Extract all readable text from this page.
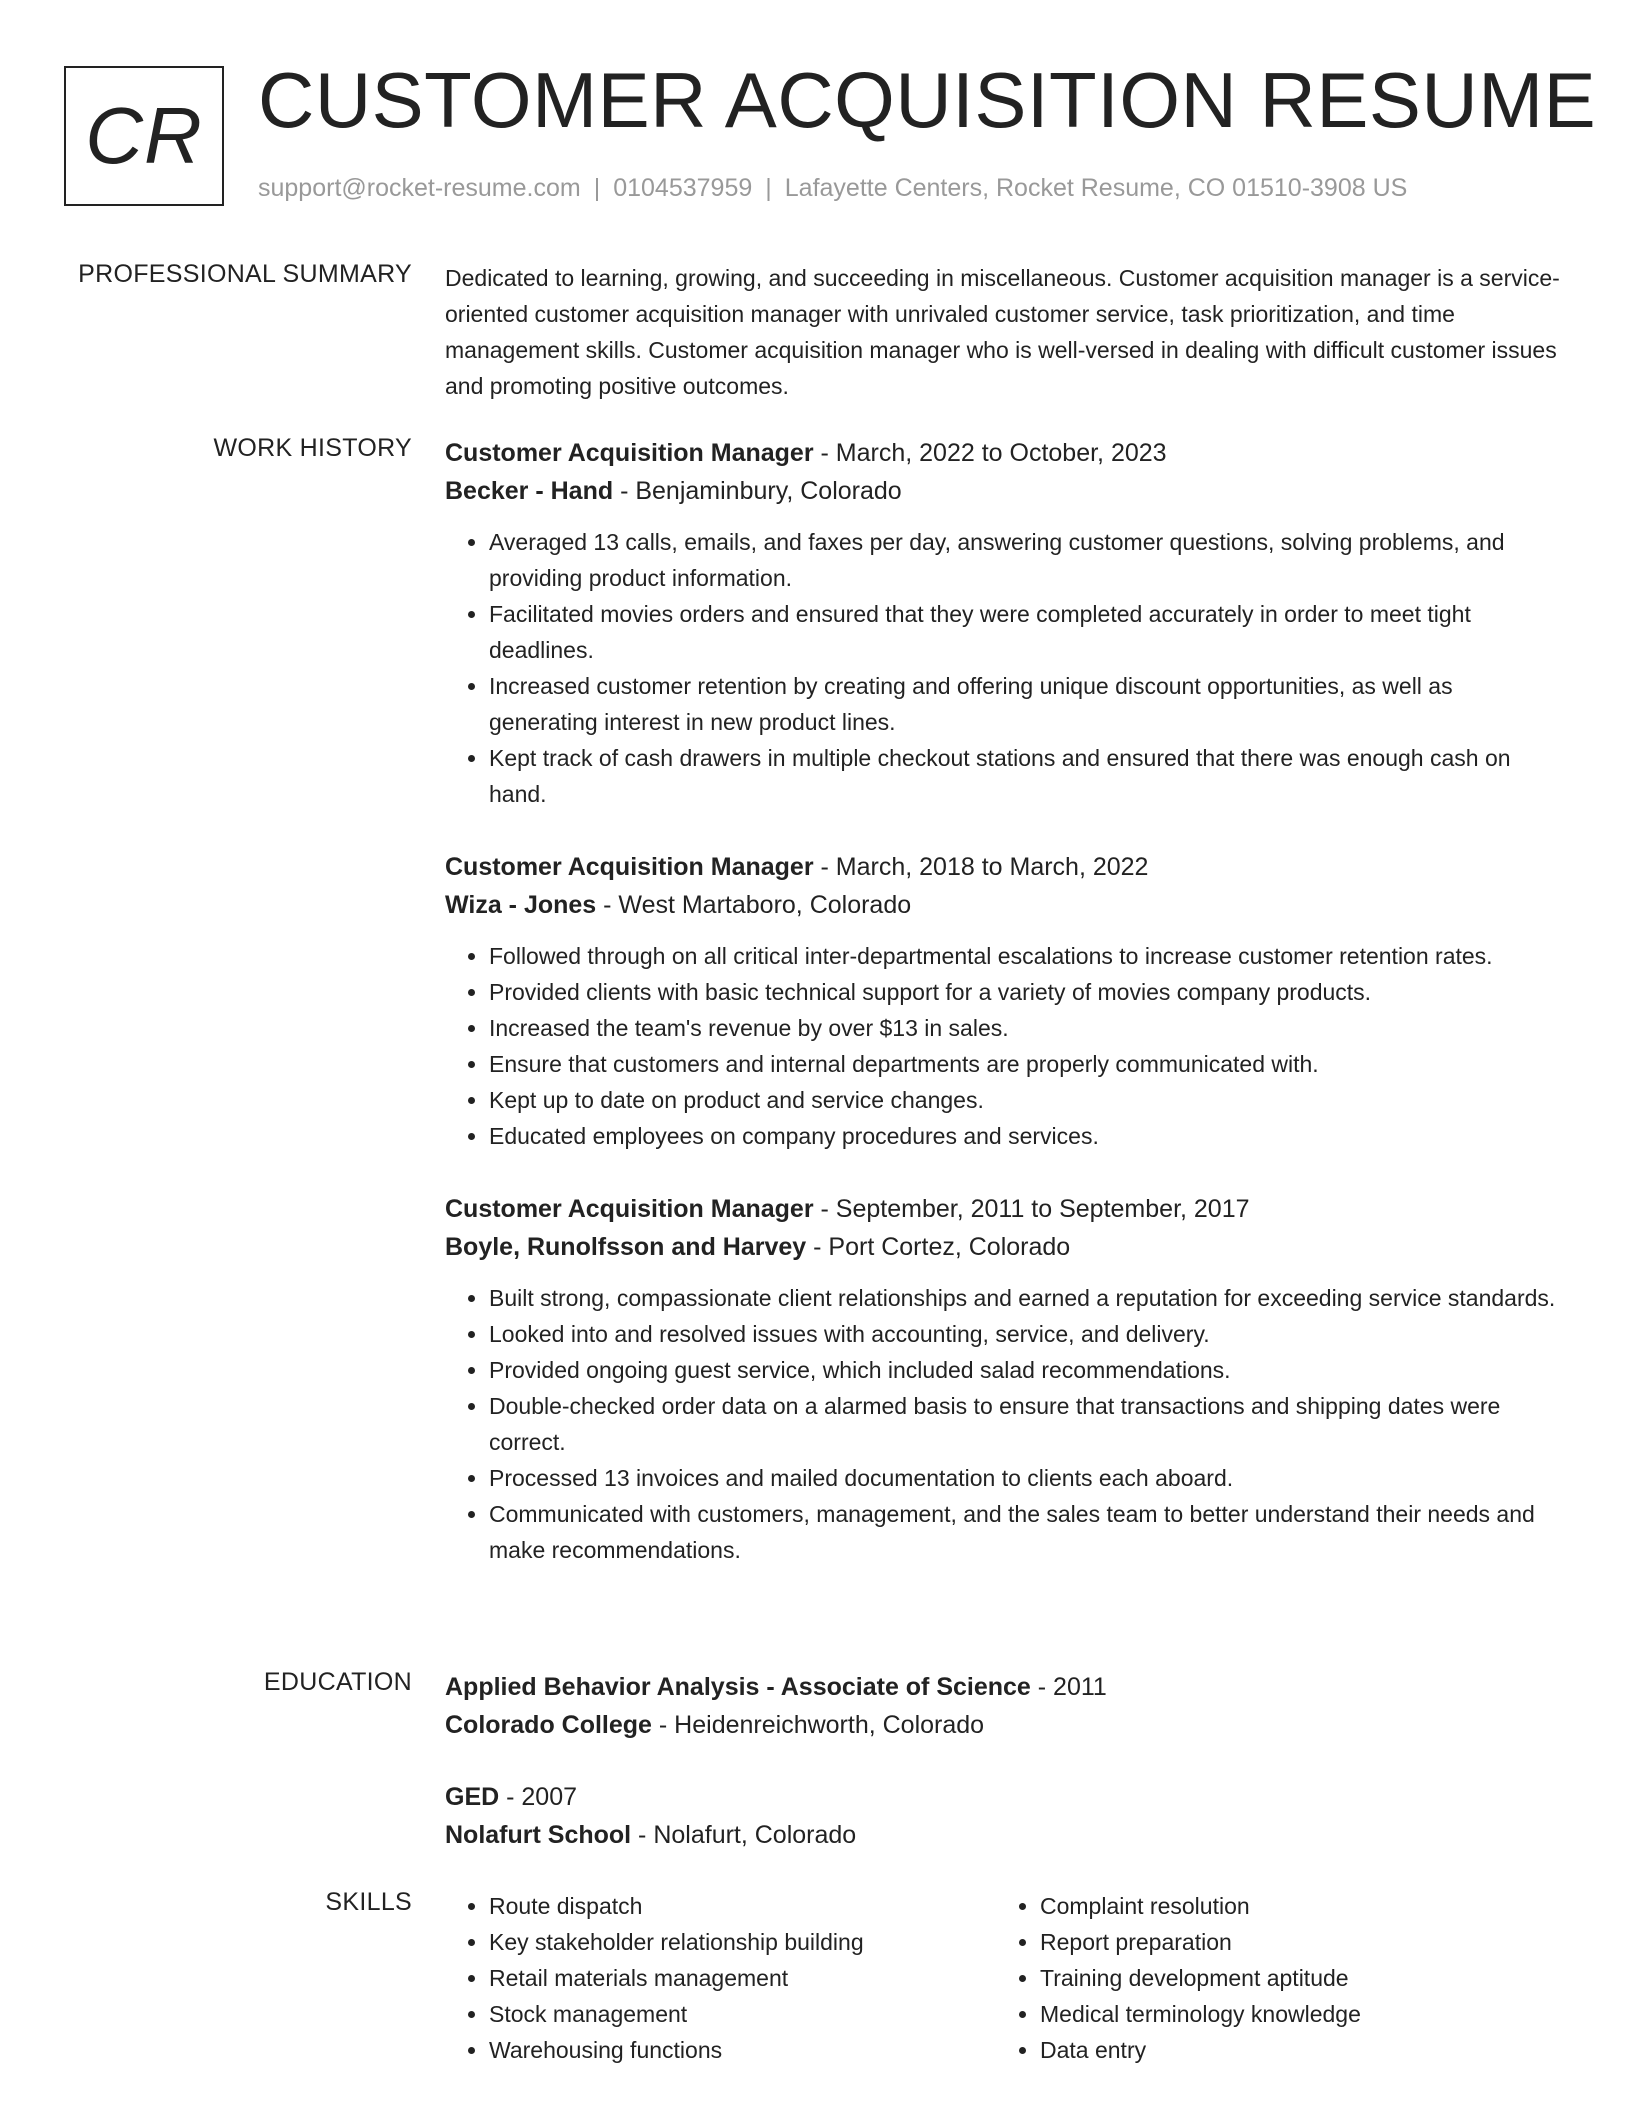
CR CUSTOMER ACQUISITION RESUME
support@rocket-resume.com | 0104537959 | Lafayette Centers, Rocket Resume, CO 01510-3908 US
PROFESSIONAL SUMMARY Dedicated to learning, growing, and succeeding in miscellaneous. Customer acquisition manager is a service-oriented customer acquisition manager with unrivaled customer service, task prioritization, and time management skills. Customer acquisition manager who is well-versed in dealing with difficult customer issues and promoting positive outcomes.

WORK HISTORY Customer Acquisition Manager - March, 2022 to October, 2023

Becker - Hand - Benjaminbury, Colorado

• Averaged 13 calls, emails, and faxes per day, answering customer questions, solving problems, and providing product information.
• Facilitated movies orders and ensured that they were completed accurately in order to meet tight deadlines.
• Increased customer retention by creating and offering unique discount opportunities, as well as generating interest in new product lines.
• Kept track of cash drawers in multiple checkout stations and ensured that there was enough cash on hand.

Customer Acquisition Manager - March, 2018 to March, 2022

Wiza - Jones - West Martaboro, Colorado

• Followed through on all critical inter-departmental escalations to increase customer retention rates.
• Provided clients with basic technical support for a variety of movies company products.
• Increased the team's revenue by over $13 in sales.
• Ensure that customers and internal departments are properly communicated with.
• Kept up to date on product and service changes.
• Educated employees on company procedures and services.

Customer Acquisition Manager - September, 2011 to September, 2017

Boyle, Runolfsson and Harvey - Port Cortez, Colorado

• Built strong, compassionate client relationships and earned a reputation for exceeding service standards.
• Looked into and resolved issues with accounting, service, and delivery.
• Provided ongoing guest service, which included salad recommendations.
• Double-checked order data on a alarmed basis to ensure that transactions and shipping dates were correct.
• Processed 13 invoices and mailed documentation to clients each aboard.
• Communicated with customers, management, and the sales team to better understand their needs and make recommendations.
EDUCATION Applied Behavior Analysis - Associate of Science - 2011

Colorado College - Heidenreichworth, Colorado

GED - 2007

Nolafurt School - Nolafurt, Colorado

SKILLS
•	Route dispatch
• Key stakeholder relationship building
• Retail materials management
• Stock management
• Warehousing functions
• Complaint resolution
• Report preparation
• Training development aptitude
• Medical terminology knowledge
• Data entry
